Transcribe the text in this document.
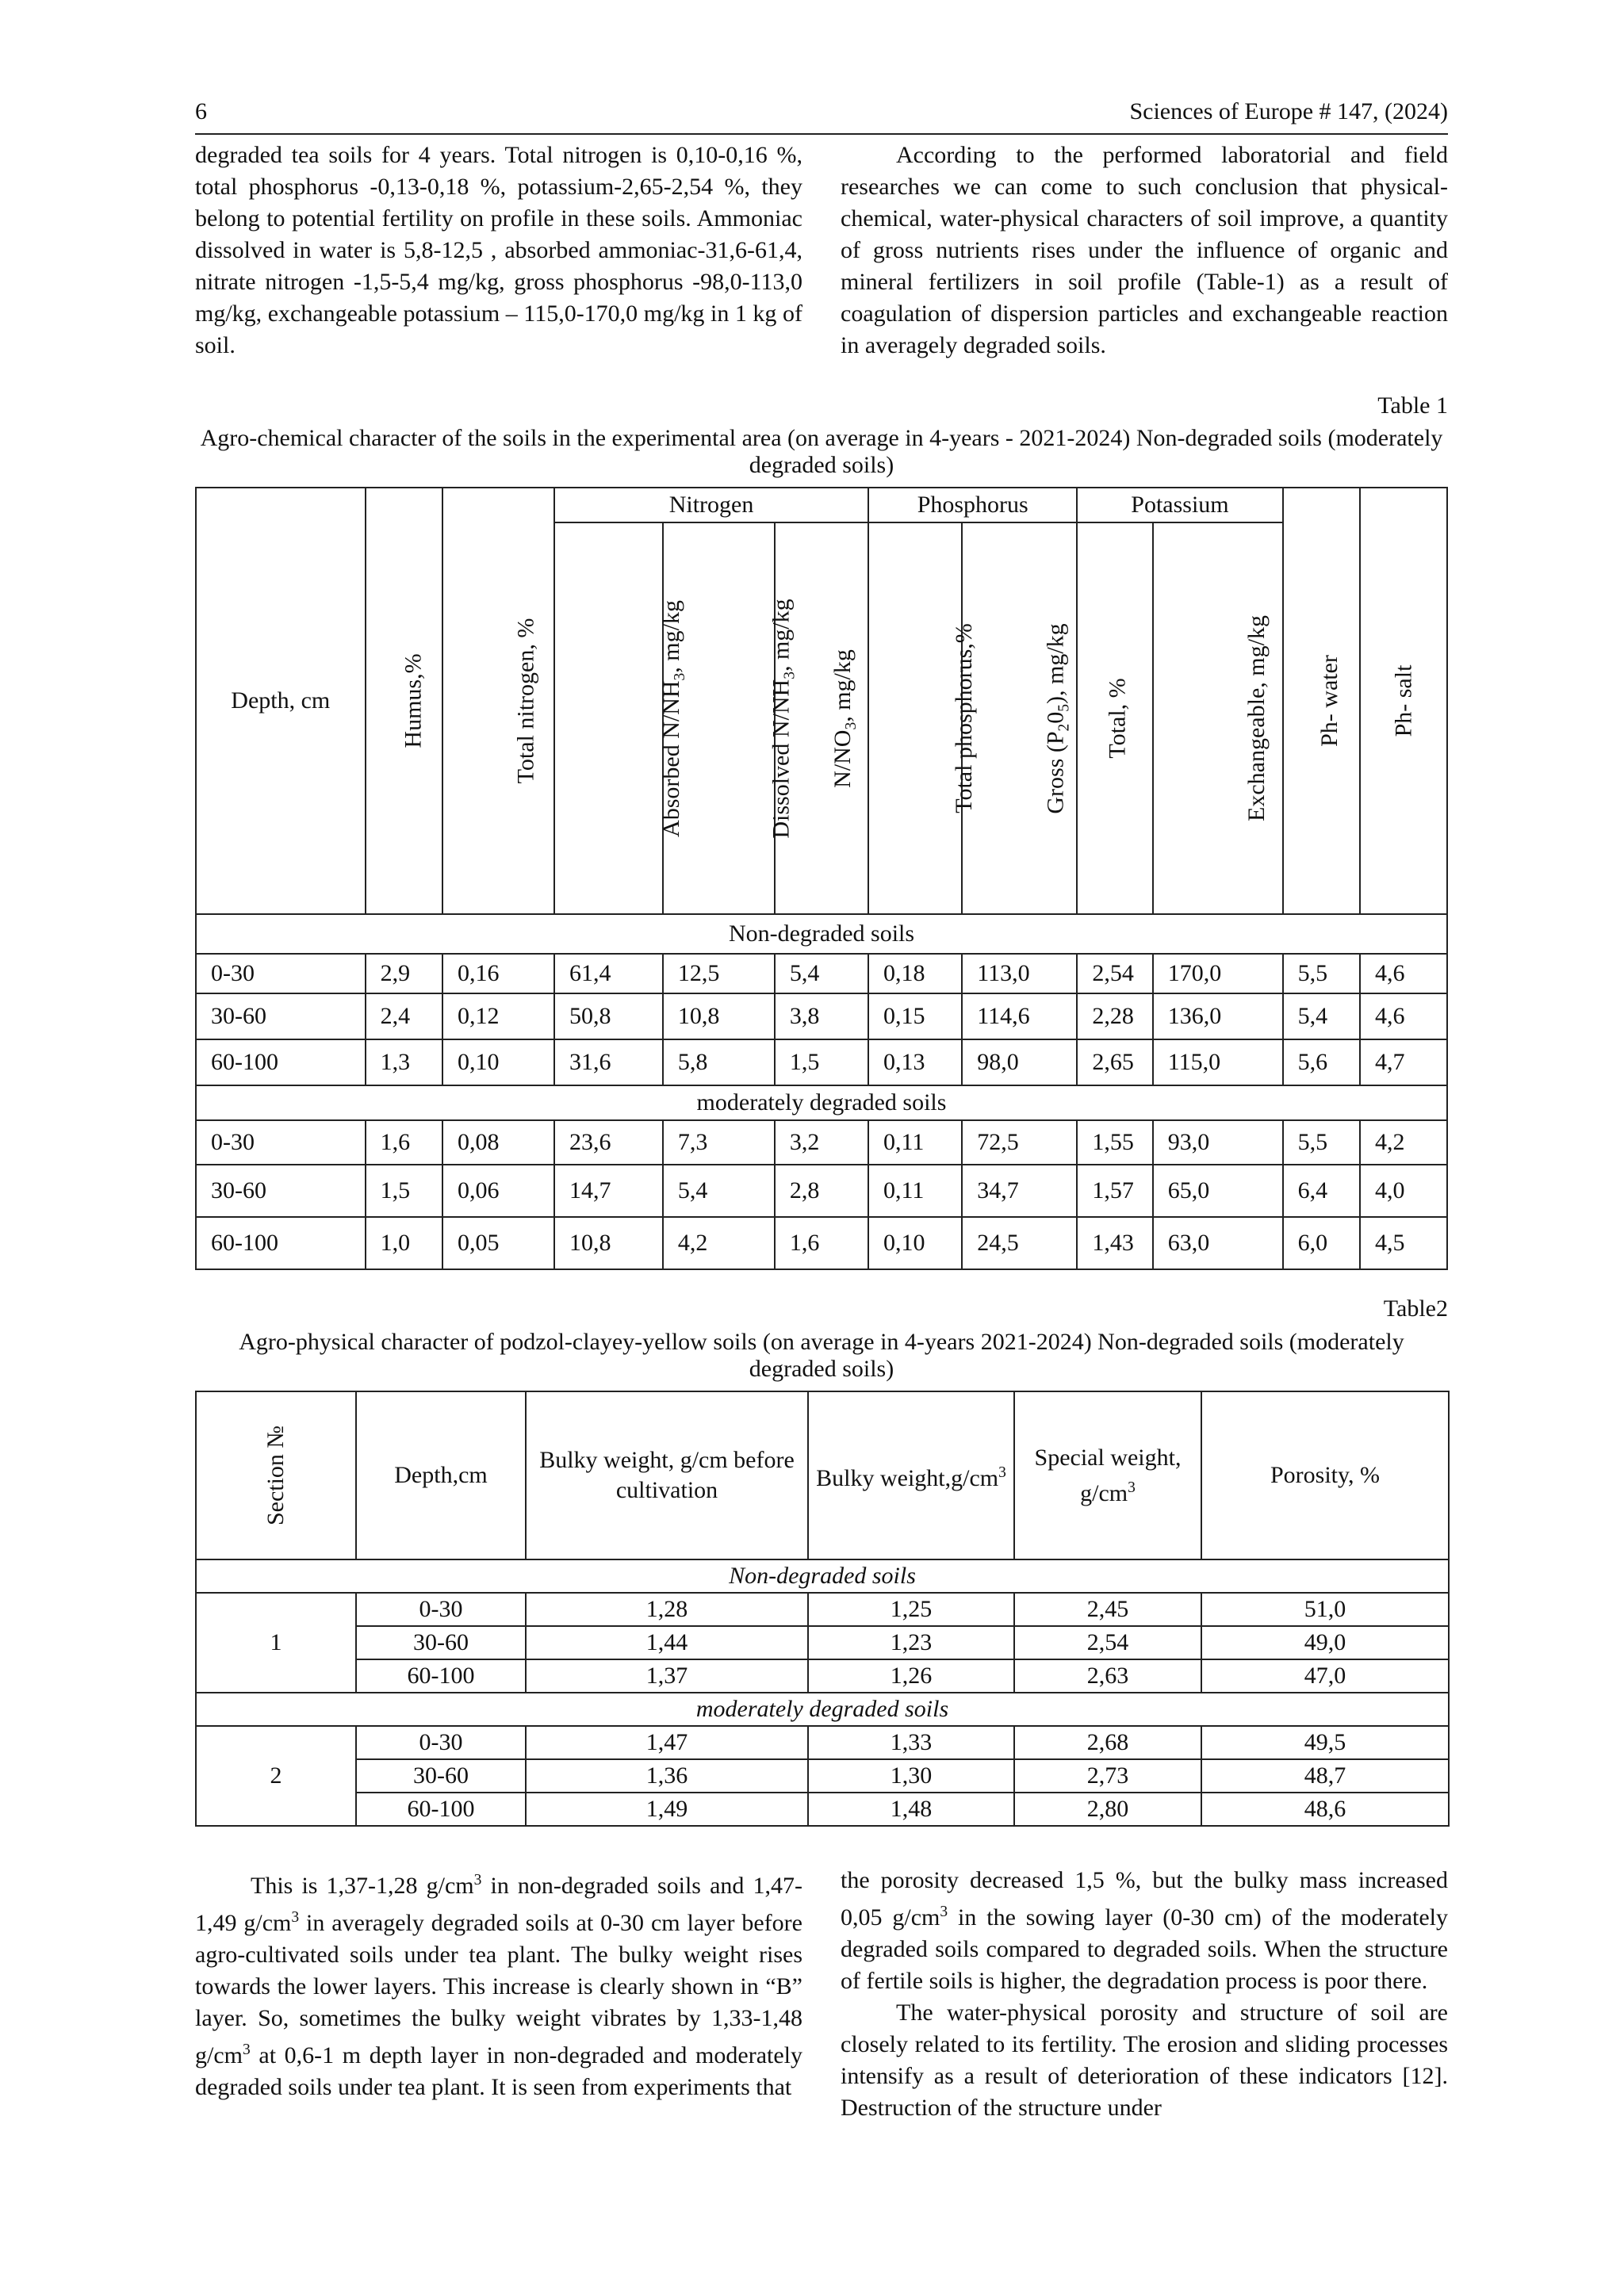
6	Sciences of Europe # 147, (2024)

degraded tea soils for 4 years. Total nitrogen is 0,10-0,16 %, total phosphorus -0,13-0,18 %, potassium-2,65-2,54 %, they belong to potential fertility on profile in these soils. Ammoniac dissolved in water is 5,8-12,5 , absorbed ammoniac-31,6-61,4, nitrate nitrogen -1,5-5,4 mg/kg, gross phosphorus -98,0-113,0 mg/kg, exchangeable potassium – 115,0-170,0 mg/kg in 1 kg of soil.

According to the performed laboratorial and field researches we can come to such conclusion that physical-chemical, water-physical characters of soil improve, a quantity of gross nutrients rises under the influence of organic and mineral fertilizers in soil profile (Table-1) as a result of coagulation of dispersion particles and exchangeable reaction in averagely degraded soils.

Table 1
Agro-chemical character of the soils in the experimental area (on average in 4-years - 2021-2024) Non-degraded soils (moderately degraded soils)
Depth, cm	Humus,%	Total nitrogen, %	Nitrogen			Phosphorus		Potassium		Ph- water	Ph- salt
			Absorbed $N/NH_3$, mg/kg	Dissolved $N/NH_3$, mg/kg	$N/NO_3$, mg/kg	Total phosphorus,%	Gross $(P_20_5)$, mg/kg	Total, %	Exchangeable, mg/kg		
Non-degraded soils											
0-30	2,9	0,16	61,4	12,5	5,4	0,18	113,0	2,54	170,0	5,5	4,6
30-60	2,4	0,12	50,8	10,8	3,8	0,15	114,6	2,28	136,0	5,4	4,6
60-100	1,3	0,10	31,6	5,8	1,5	0,13	98,0	2,65	115,0	5,6	4,7
moderately degraded soils											
0-30	1,6	0,08	23,6	7,3	3,2	0,11	72,5	1,55	93,0	5,5	4,2
30-60	1,5	0,06	14,7	5,4	2,8	0,11	34,7	1,57	65,0	6,4	4,0
60-100	1,0	0,05	10,8	4,2	1,6	0,10	24,5	1,43	63,0	6,0	4,5
Table2
Agro-physical character of podzol-clayey-yellow soils (on average in 4-years 2021-2024) Non-degraded soils (moderately degraded soils)
Section №	Depth,cm	Bulky weight, g/cm before cultivation	Bulky $weight,g/cm^3$	Special weight, $g/cm^3$	Porosity, %
Non-degraded soils					
1	0-30	1,28	1,25	2,45	51,0
	30-60	1,44	1,23	2,54	49,0
	60-100	1,37	1,26	2,63	47,0
moderately degraded soils					
2	0-30	1,47	1,33	2,68	49,5
	30-60	1,36	1,30	2,73	48,7
	60-100	1,49	1,48	2,80	48,6

This is 1,37-1,28 $g/cm^3$ in non-degraded soils and 1,47-1,49 $g/cm^3$ in averagely degraded soils at 0-30 cm layer before agro-cultivated soils under tea plant. The bulky weight rises towards the lower layers. This increase is clearly shown in “B” layer. So, sometimes the bulky weight vibrates by 1,33-1,48 $g/cm^3$ at 0,6-1 m depth layer in non-degraded and moderately degraded soils under tea plant. It is seen from experiments that

the porosity decreased 1,5 %, but the bulky mass increased 0,05 $g/cm^3$ in the sowing layer (0-30 cm) of the moderately degraded soils compared to degraded soils. When the structure of fertile soils is higher, the degradation process is poor there.

The water-physical porosity and structure of soil are closely related to its fertility. The erosion and sliding processes intensify as a result of deterioration of these indicators [12]. Destruction of the structure under
